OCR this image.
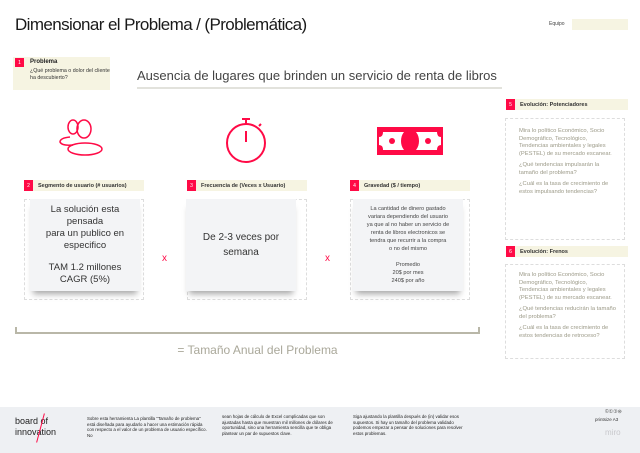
Dimensionar el Problema / (Problemática)	Equipo
1	Problema
¿Qué problema o dolor del cliente ha descubierto?	Ausencia de lugares que brinden un servicio de renta de libros
2	Segmento de usuario (# usuarios)
La solución esta
pensada
para un publico en
especifico
TAM 1.2 millones
CAGR (5%)
x
3	Frecuencia de (Veces x Usuario)
De 2-3 veces por
semana
x
4	Gravedad ($ / tiempo)
La cantidad de dinero gastado
variara dependiendo del usuario
ya que al no haber un servicio de
renta de libros electronicos se
tendra que recurrir a la compra
o no del mismo
Promedio
20$ por mes
240$ por año
= Tamaño Anual del Problema
5	Evolución: Potenciadores

Mira lo político Económico, Socio Demográfico, Tecnológico, Tendencias ambientales y legales (PESTEL) de su mercado escanear.

¿Qué tendencias impulsarán la tamaño del problema?

¿Cuál es la tasa de crecimiento de estos impulsando tendencias?

6	Evolución: Frenos

Mira lo político Económico, Socio Demográfico, Tecnológico, Tendencias ambientales y legales (PESTEL) de su mercado escanear.

¿Qué tendencias reducirán la tamaño del problema?

¿Cuál es la tasa de crecimiento de estos tendencias de retroceso?

board of
innovation
Sobre esta herramienta La plantilla "Tamaño de problema" está diseñada para ayudarlo a hacer una estimación rápida con respecto a el valor de un problema de usuario específico. No
sean hojas de cálculo de Excel complicadas que son ajustadas hasta que muestran mil millones de dólares de oportunidad, sino una herramienta sencilla que te obliga plantear un par de supuestos clave.
Siga ajustando la plantilla después de (in) validar esos supuestos. Si hay un tamaño del problema validado podemos empezar a pensar de soluciones para resolver estos problemas.
©①③⊜
printsize A3
miro
